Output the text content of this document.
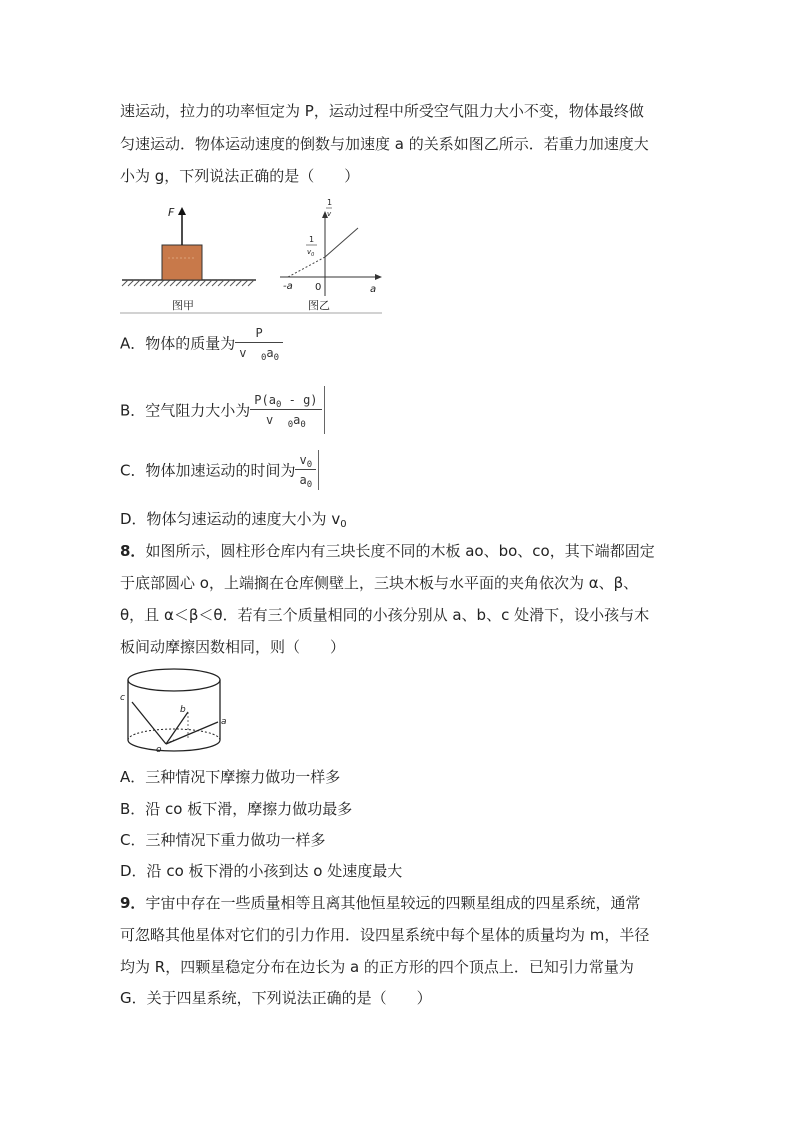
速运动，拉力的功率恒定为 P，运动过程中所受空气阻力大小不变，物体最终做
匀速运动．物体运动速度的倒数与加速度 a 的关系如图乙所示．若重力加速度大
小为 g，下列说法正确的是（　　）
F
图甲
1
v
1
$v_0$
-a 0	a
图乙
A．物体的质量为 $\frac{P}{v _0a_0}$
B．空气阻力大小为 $\frac{P(a_0 - g)}{v _0a_0}$
C．物体加速运动的时间为 $\frac{v_0}{a_0}$
D．物体匀速运动的速度大小为 $v_0$
8．如图所示，圆柱形仓库内有三块长度不同的木板 ao、bo、co，其下端都固定
于底部圆心 o，上端搁在仓库侧壁上，三块木板与水平面的夹角依次为 α、β、
θ，且 α＜β＜θ．若有三个质量相同的小孩分别从 a、b、c 处滑下，设小孩与木
板间动摩擦因数相同，则（　　）
c
b
a
o
A．三种情况下摩擦力做功一样多
B．沿 co 板下滑，摩擦力做功最多
C．三种情况下重力做功一样多
D．沿 co 板下滑的小孩到达 o 处速度最大
9．宇宙中存在一些质量相等且离其他恒星较远的四颗星组成的四星系统，通常
可忽略其他星体对它们的引力作用．设四星系统中每个星体的质量均为 m，半径
均为 R，四颗星稳定分布在边长为 a 的正方形的四个顶点上．已知引力常量为
G．关于四星系统，下列说法正确的是（　　）
